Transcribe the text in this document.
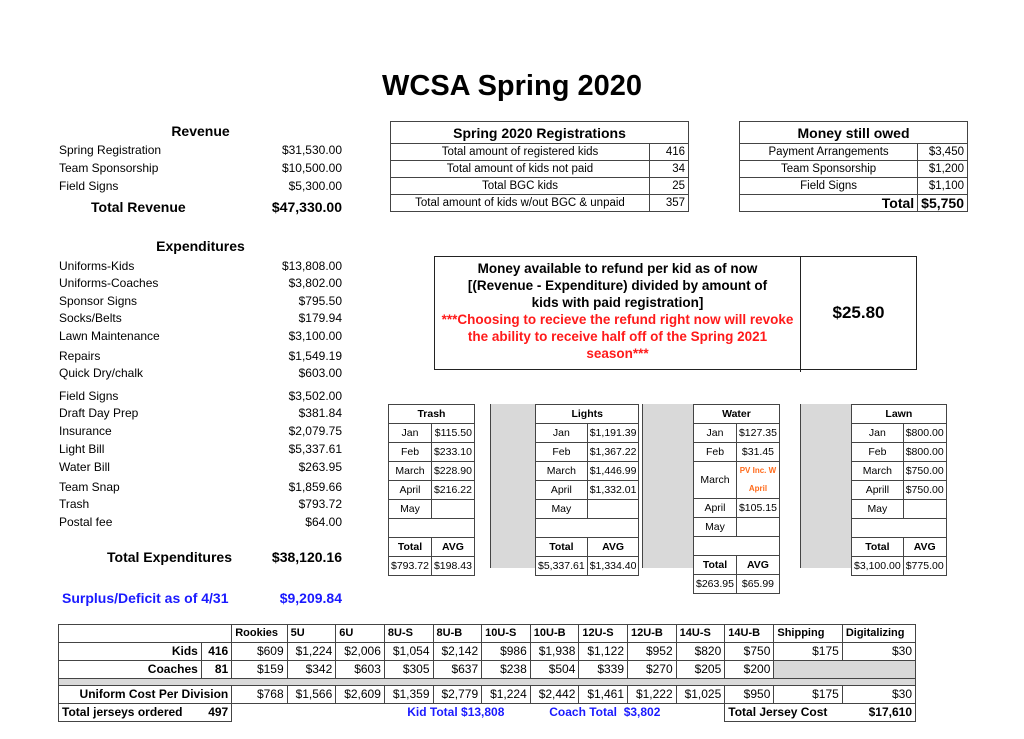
WCSA Spring 2020
Revenue
Spring Registration	$31,530.00
Team Sponsorship	$10,500.00
Field Signs	$5,300.00
Total Revenue	$47,330.00
Expenditures
Uniforms-Kids	$13,808.00
Uniforms-Coaches	$3,802.00
Sponsor Signs	$795.50
Socks/Belts	$179.94
Lawn Maintenance	$3,100.00
Repairs	$1,549.19
Quick Dry/chalk	$603.00
Field Signs	$3,502.00
Draft Day Prep	$381.84
Insurance	$2,079.75
Light Bill	$5,337.61
Water Bill	$263.95
Team Snap	$1,859.66
Trash	$793.72
Postal fee	$64.00
Total Expenditures	$38,120.16
Surplus/Deficit as of 4/31	$9,209.84
Spring 2020 Registrations	
Total amount of registered kids	416
Total amount of kids not paid	34
Total BGC kids	25
Total amount of kids w/out BGC & unpaid	357
Money still owed	
Payment Arrangements	$3,450
Team Sponsorship	$1,200
Field Signs	$1,100
Total	$5,750
Money available to refund per kid as of now
[(Revenue - Expenditure) divided by amount of
kids with paid registration]
***Choosing to recieve the refund right now will revoke the ability to receive half off of the Spring 2021 season***
$25.80
Trash	
Jan	$115.50
Feb	$233.10
March	$228.90
April	$216.22
May	

Total	AVG
$793.72	$198.43
Lights	
Jan	$1,191.39
Feb	$1,367.22
March	$1,446.99
April	$1,332.01
May	

Total	AVG
$5,337.61	$1,334.40
Water	
Jan	$127.35
Feb	$31.45
March	PV Inc. W April
April	$105.15
May	

Total	AVG
$263.95	$65.99
Lawn	
Jan	$800.00
Feb	$800.00
March	$750.00
Aprill	$750.00
May	

Total	AVG
$3,100.00	$775.00
		Rookies	5U	6U	8U-S	8U-B	10U-S	10U-B	12U-S	12U-B	14U-S	14U-B	Shipping	Digitalizing
Kids	416	$609	$1,224	$2,006	$1,054	$2,142	$986	$1,938	$1,122	$952	$820	$750	$175	$30
Coaches	81	$159	$342	$603	$305	$637	$238	$504	$339	$270	$205	$200		

Uniform Cost Per Division		$768	$1,566	$2,609	$1,359	$2,779	$1,224	$2,442	$1,461	$1,222	$1,025	$950	$175	$30
Total jerseys ordered	497	Kid Total $13,808 Coach Total $3,802										Total Jersey Cost		$17,610
